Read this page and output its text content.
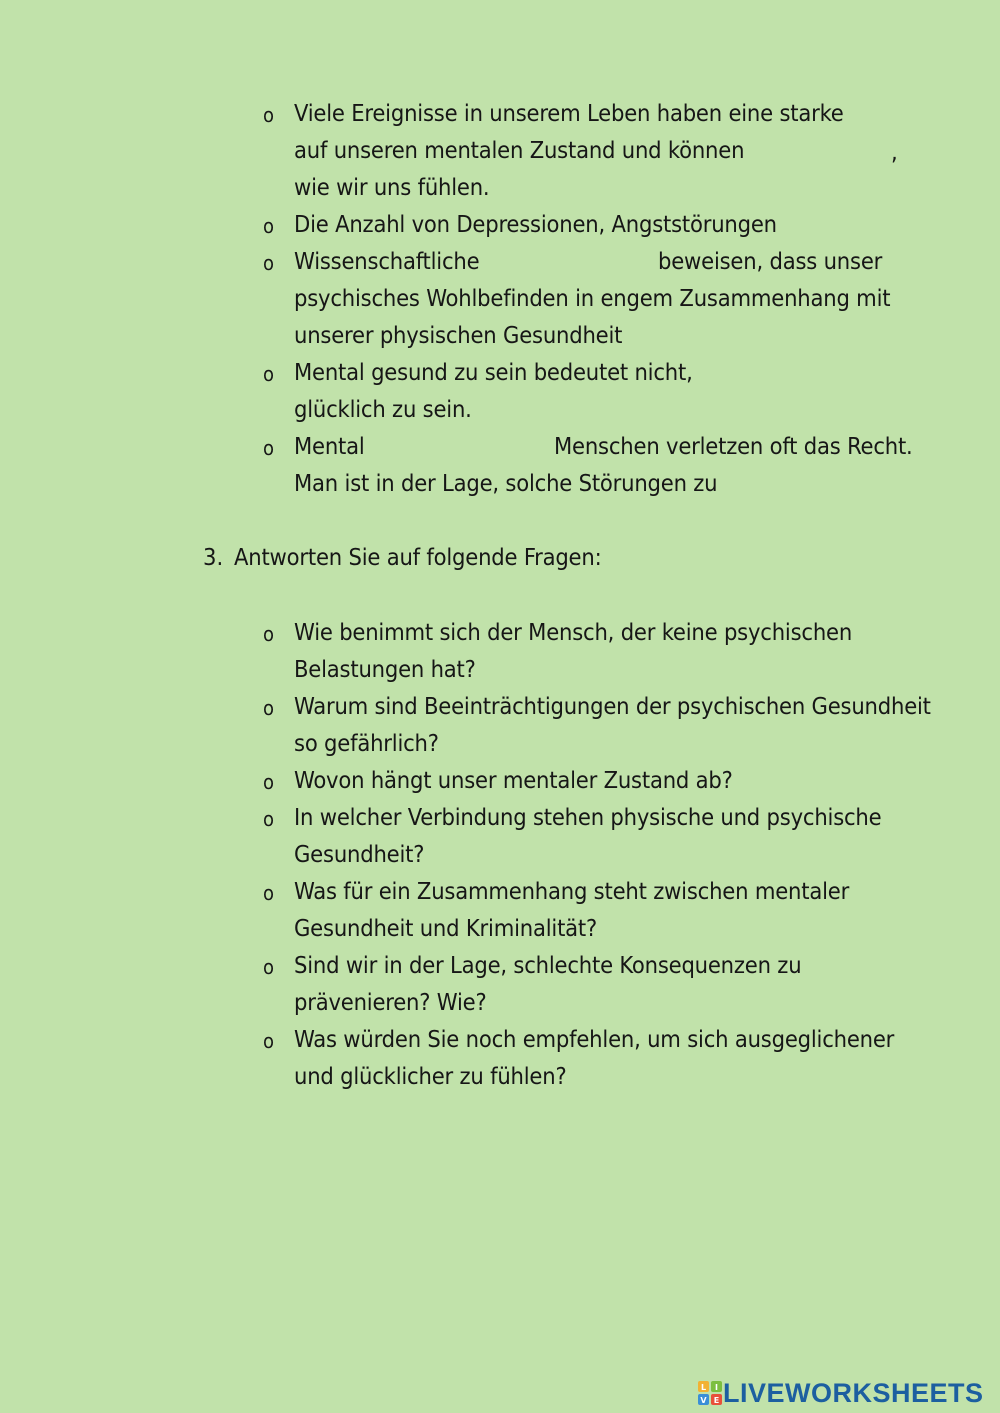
o Viele Ereignisse in unserem Leben haben eine starke
auf unseren mentalen Zustand und können	,
wie wir uns fühlen.
o Die Anzahl von Depressionen, Angststörungen
o Wissenschaftliche	beweisen, dass unser
psychisches Wohlbefinden in engem Zusammenhang mit
unserer physischen Gesundheit
o Mental gesund zu sein bedeutet nicht,
glücklich zu sein.
o Mental	Menschen verletzen oft das Recht.
Man ist in der Lage, solche Störungen zu
3. Antworten Sie auf folgende Fragen:
o Wie benimmt sich der Mensch, der keine psychischen
Belastungen hat?
o Warum sind Beeinträchtigungen der psychischen Gesundheit
so gefährlich?
o Wovon hängt unser mentaler Zustand ab?
o In welcher Verbindung stehen physische und psychische
Gesundheit?
o Was für ein Zusammenhang steht zwischen mentaler
Gesundheit und Kriminalität?
o Sind wir in der Lage, schlechte Konsequenzen zu
prävenieren? Wie?
o Was würden Sie noch empfehlen, um sich ausgeglichener
und glücklicher zu fühlen?
L I
V E LIVEWORKSHEETS
